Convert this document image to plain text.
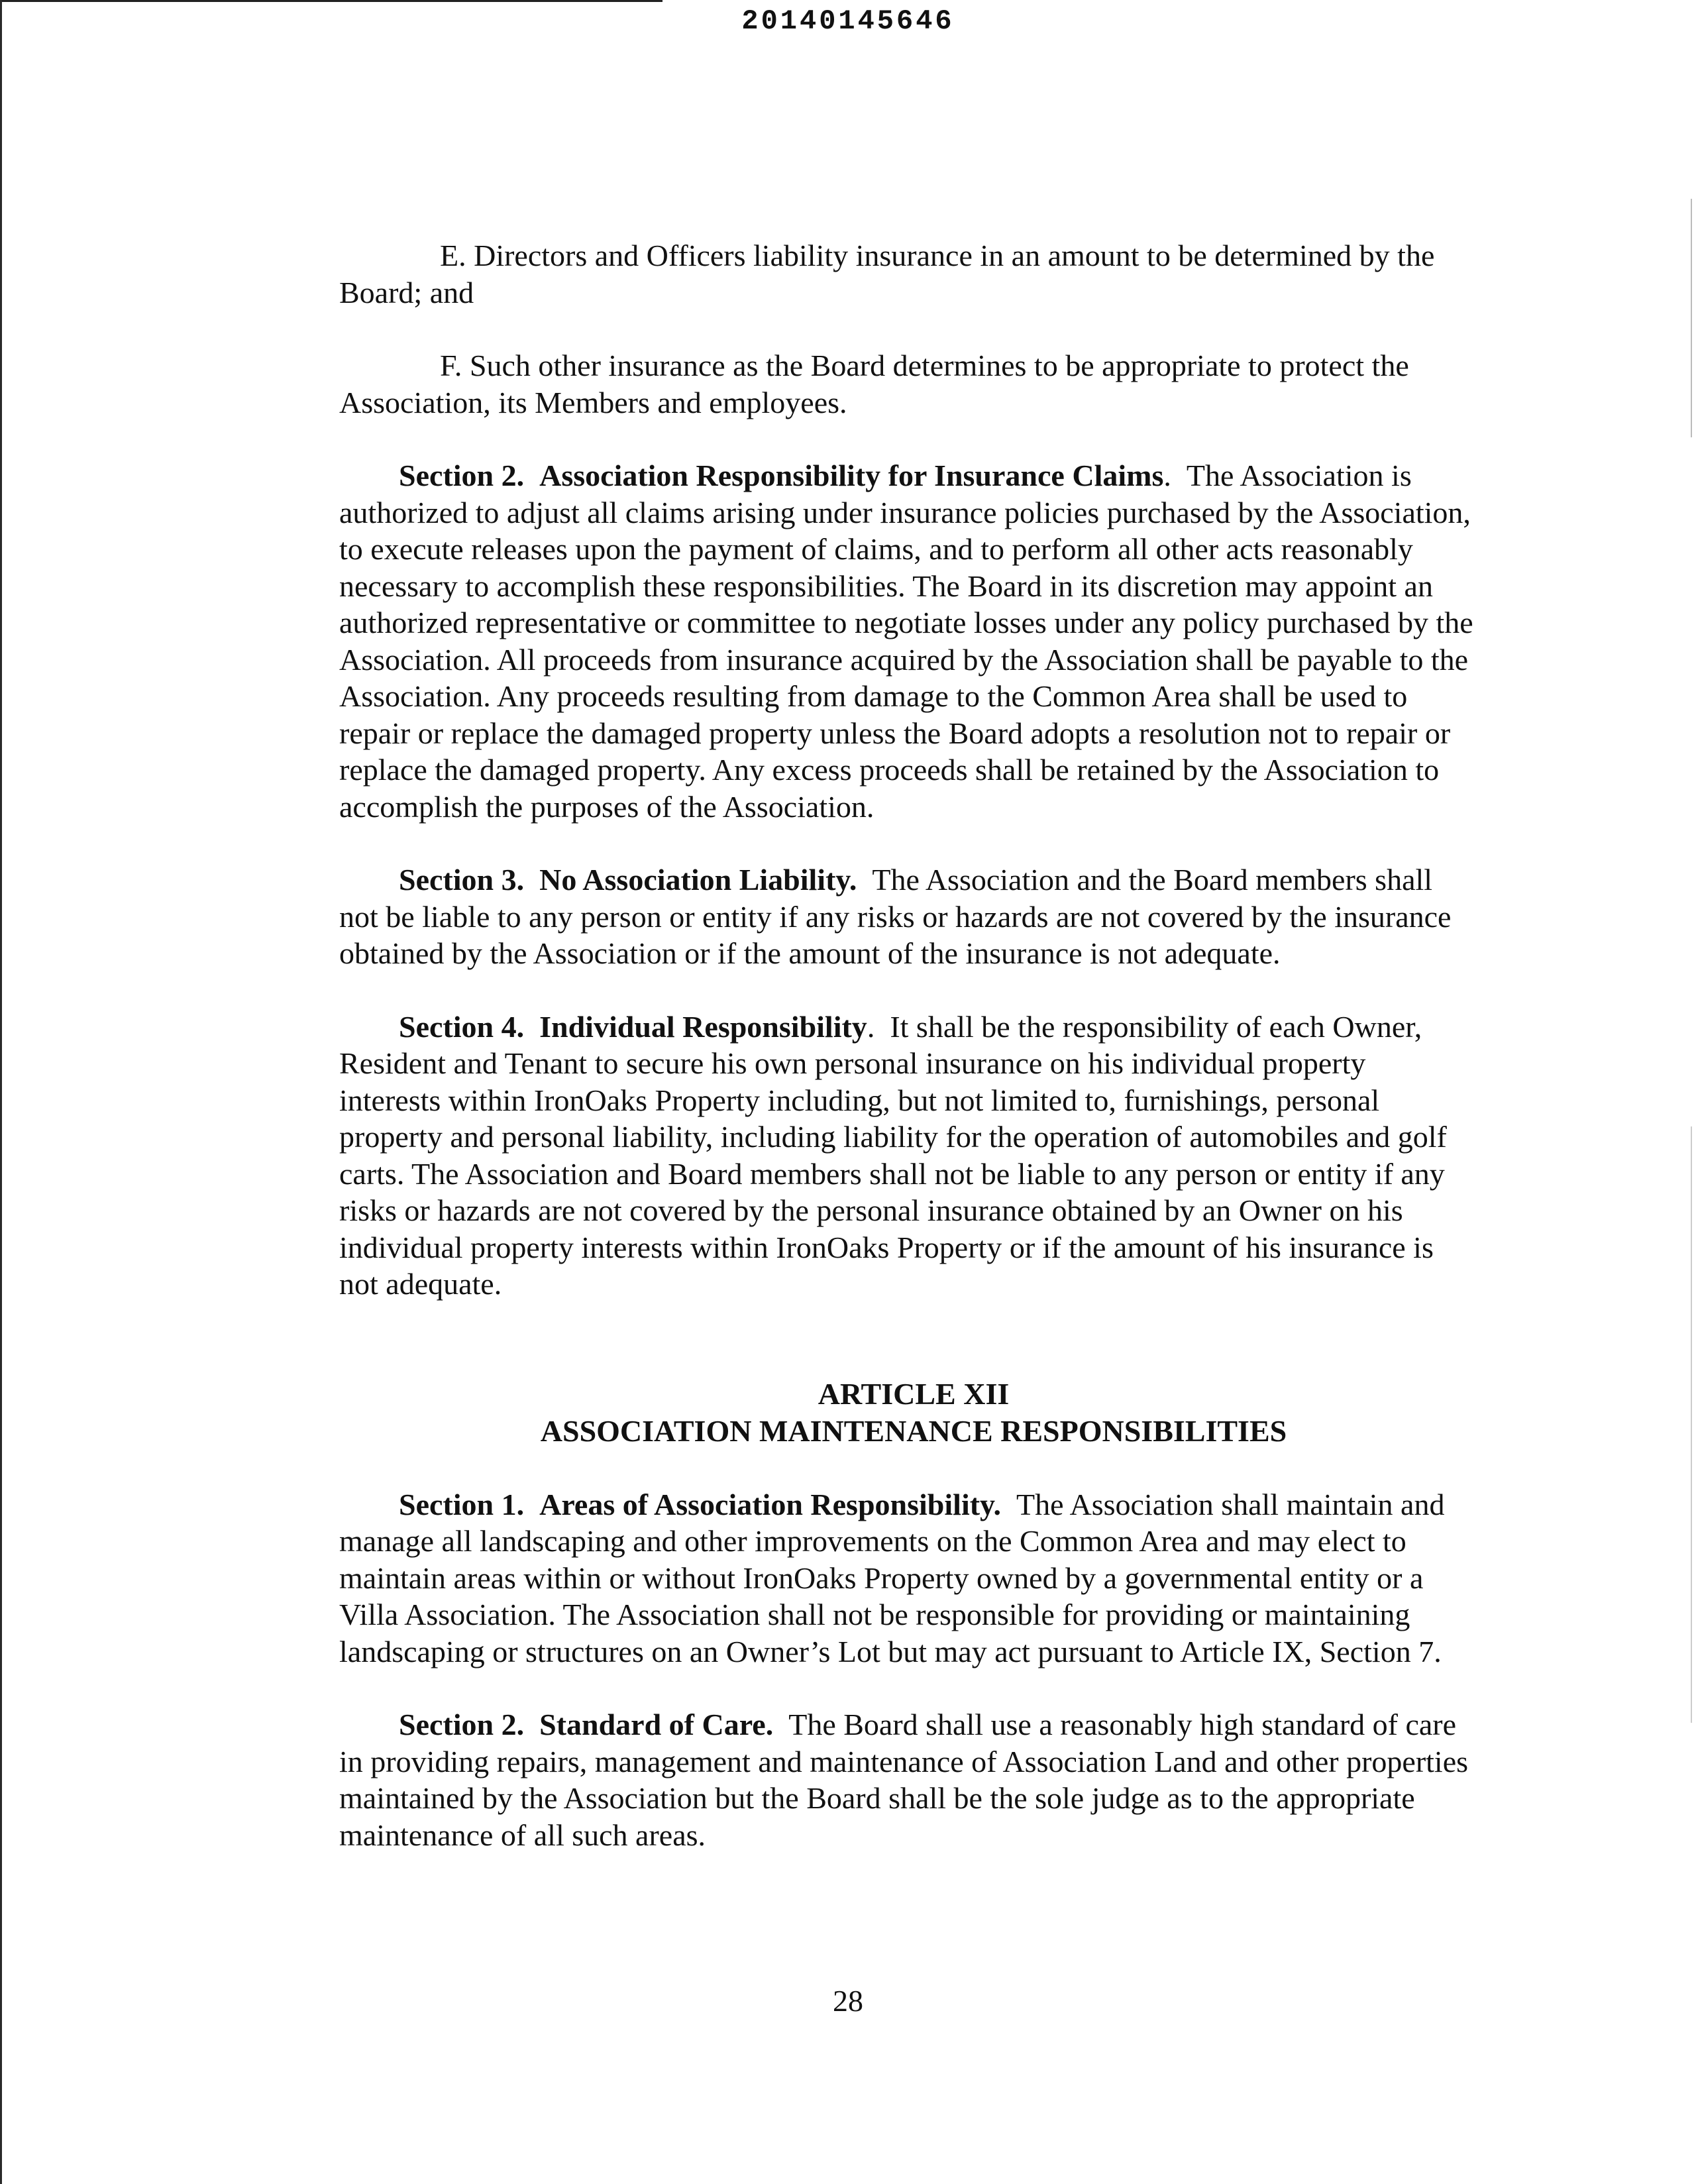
20140145646

E. Directors and Officers liability insurance in an amount to be determined by the Board; and

F. Such other insurance as the Board determines to be appropriate to protect the Association, its Members and employees.

Section 2. Association Responsibility for Insurance Claims. The Association is authorized to adjust all claims arising under insurance policies purchased by the Association, to execute releases upon the payment of claims, and to perform all other acts reasonably necessary to accomplish these responsibilities. The Board in its discretion may appoint an authorized representative or committee to negotiate losses under any policy purchased by the Association. All proceeds from insurance acquired by the Association shall be payable to the Association. Any proceeds resulting from damage to the Common Area shall be used to repair or replace the damaged property unless the Board adopts a resolution not to repair or replace the damaged property. Any excess proceeds shall be retained by the Association to accomplish the purposes of the Association.

Section 3. No Association Liability. The Association and the Board members shall not be liable to any person or entity if any risks or hazards are not covered by the insurance obtained by the Association or if the amount of the insurance is not adequate.

Section 4. Individual Responsibility. It shall be the responsibility of each Owner, Resident and Tenant to secure his own personal insurance on his individual property interests within IronOaks Property including, but not limited to, furnishings, personal property and personal liability, including liability for the operation of automobiles and golf carts. The Association and Board members shall not be liable to any person or entity if any risks or hazards are not covered by the personal insurance obtained by an Owner on his individual property interests within IronOaks Property or if the amount of his insurance is not adequate.

ARTICLE XII
ASSOCIATION MAINTENANCE RESPONSIBILITIES

Section 1. Areas of Association Responsibility. The Association shall maintain and manage all landscaping and other improvements on the Common Area and may elect to maintain areas within or without IronOaks Property owned by a governmental entity or a Villa Association. The Association shall not be responsible for providing or maintaining landscaping or structures on an Owner’s Lot but may act pursuant to Article IX, Section 7.

Section 2. Standard of Care. The Board shall use a reasonably high standard of care in providing repairs, management and maintenance of Association Land and other properties maintained by the Association but the Board shall be the sole judge as to the appropriate maintenance of all such areas.

28
